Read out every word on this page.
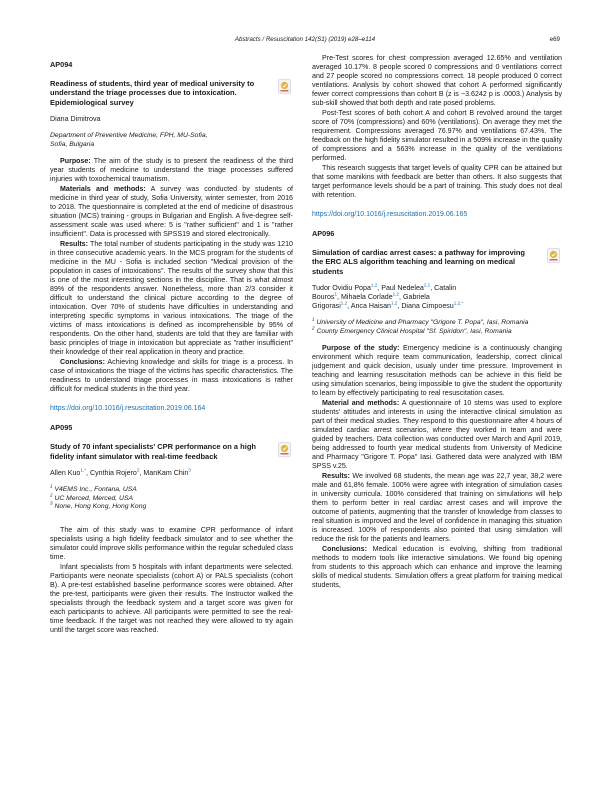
Abstracts / Resuscitation 142(S1) (2019) e28–e114	e69
AP094
Readiness of students, third year of medical university to understand the triage processes due to intoxication. Epidemiological survey
Diana Dimitrova
Department of Preventive Medicine, FPH, MU-Sofia,
Sofia, Bulgaria

Purpose: The aim of the study is to present the readiness of the third year students of medicine to understand the triage processes suffered injuries with toxochemical traumatism.

Materials and methods: A survey was conducted by students of medicine in third year of study, Sofia University, winter semester, from 2016 to 2018. The questionnaire is completed at the end of medicine of disastrous situation (MCS) training - groups in Bulgarian and English. A five-degree self-assessment scale was used where: 5 is "rather sufficient" and 1 is "rather insufficient". Data is processed with SPSS19 and stored electronically.

Results: The total number of students participating in the study was 1210 in three consecutive academic years. In the MCS program for the students of medicine in the MU - Sofia is included section "Medical provision of the population in cases of intoxications". The results of the survey show that this is one of the most interesting sections in the discipline. That is what almost 89% of the respondents answer. Nonetheless, more than 2/3 consider it difficult to understand the clinical picture according to the degree of intoxication. Over 70% of students have difficulties in understanding and interpreting specific symptoms in various intoxications. The triage of the victims of mass intoxications is defined as incomprehensible by 95% of respondents. On the other hand, students are told that they are familiar with basic principles of triage in intoxication but appreciate as "rather insufficient" their knowledge of their real application in theory and practice.

Conclusions: Achieving knowledge and skills for triage is a process. In case of intoxications the triage of the victims has specific characteristics. The readiness to understand triage processes in mass intoxications is rather difficult for medical students in the third year.

https://doi.org/10.1016/j.resuscitation.2019.06.164
AP095
Study of 70 infant specialists' CPR performance on a high fidelity infant simulator with real-time feedback
Allen Kuo$^{1,*}$, Cynthia Rojero$^2$, ManKam Chin$^3$
$^1$ V4EMS Inc., Fontana, USA
$^2$ UC Merced, Merced, USA
$^3$ None, Hong Kong, Hong Kong

The aim of this study was to examine CPR performance of infant specialists using a high fidelity feedback simulator and to see whether the simulator could improve skills performance within the regular scheduled class time.

Infant specialists from 5 hospitals with infant departments were selected. Participants were neonate specialists (cohort A) or PALS specialists (cohort B). A pre-test established baseline performance scores were obtained. After the pre-test, participants were given their results. The Instructor walked the specialists through the feedback system and a target score was given for each participants to achieve. All participants were permitted to see the real-time feedback. If the target was not reached they were allowed to try again until the target score was reached.

Pre-Test scores for chest compression averaged 12.65% and ventilation averaged 10.17%. 8 people scored 0 compressions and 0 ventilations correct and 27 people scored no compressions correct. 18 people produced 0 correct ventilations. Analysis by cohort showed that cohort A performed significantly fewer correct compressions than cohort B (z is −3.6242 p is .0003.) Analysis by sub-skill showed that both depth and rate posed problems.

Post-Test scores of both cohort A and cohort B revolved around the target score of 70% (compressions) and 60% (ventilations). On average they met the requirement. Compressions averaged 76.97% and ventilations 67.43%. The feedback on the high fidelity simulator resulted in a 509% increase in the quality of compressions and a 563% increase in the quality of the ventilations performed.

This research suggests that target levels of quality CPR can be attained but that some manikins with feedback are better than others. It also suggests that target performance levels should be a part of training. This study does not deal with retention.

https://doi.org/10.1016/j.resuscitation.2019.06.165
AP096
Simulation of cardiac arrest cases: a pathway for improving the ERC ALS algorithm teaching and learning on medical students
Tudor Ovidiu Popa$^{1,2}$, Paul Nedelea$^{2,1}$, Catalin
Bouros$^1$, Mihaela Corlade$^{1,2}$, Gabriela
Grigorasi$^{1,2}$, Anca Haisan$^{1,2}$, Diana Cimpoesu$^{1,2,*}$
$^1$ University of Medicine and Pharmacy "Grigore T. Popa", Iasi, Romania
$^2$ County Emergency Clinical Hospital "Sf. Spiridon", Iasi, Romania

Purpose of the study: Emergency medicine is a continuously changing environment which require team communication, leadership, correct clinical judgement and quick decision, usualy under time pressure. Improvement in teaching and learning resuscitation methods can be achieve in this field be using simulation scenarios, being impossible to give the student the opportunity to learn by effectively participating to real resuscitation cases.

Material and methods: A questionnaire of 10 stems was used to explore students' attitudes and interests in using the interactive clinical simulation as part of their medical studies. They respond to this questionnaire after 4 hours of simulated cardiac arrest scenarios, where they worked in team and were guided by teachers. Data collection was conducted over March and April 2019, being addressed to fourth year medical students from University of Medicine and Pharmacy "Grigore T. Popa" Iasi. Gathered data were analyzed with IBM SPSS v.25.

Results: We involved 68 students, the mean age was 22,7 year, 38,2 were male and 61,8% female. 100% were agree with integration of simulation cases in university curricula. 100% considered that training on simulations will help them to perform better in real cardiac arrest cases and will improve the outcome of patients, augmenting that the transfer of knowledge from classes to real situation is improved and the level of confidence in managing this situation is increased. 100% of respondents also pointed that using simulation will reduce the risk for the patients and learners.

Conclusions: Medical education is evolving, shifting from traditional methods to modern tools like interactive simulations. We found big opening from students to this approach which can enhance and improve the learning skills of medical students. Simulation offers a great platform for training medical students,
